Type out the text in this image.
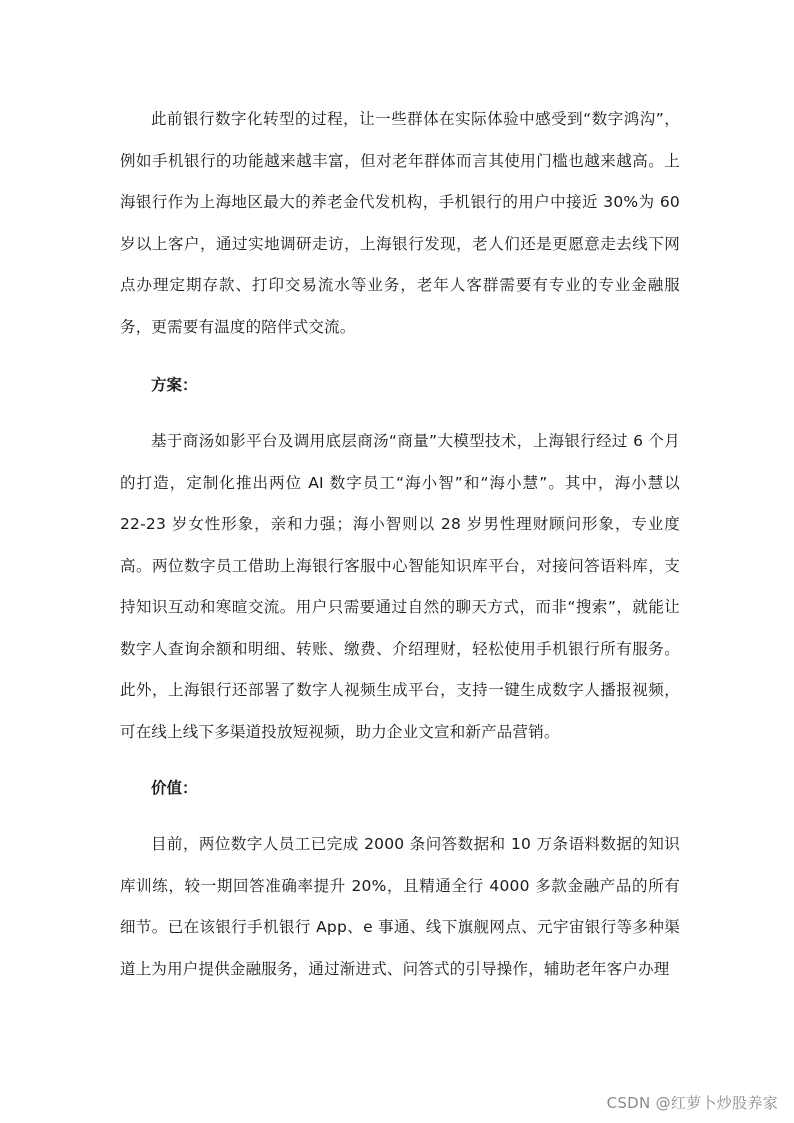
此前银行数字化转型的过程，让一些群体在实际体验中感受到“数字鸿沟”，例如手机银行的功能越来越丰富，但对老年群体而言其使用门槛也越来越高。上海银行作为上海地区最大的养老金代发机构，手机银行的用户中接近 30%为 60 岁以上客户，通过实地调研走访，上海银行发现，老人们还是更愿意走去线下网点办理定期存款、打印交易流水等业务，老年人客群需要有专业的专业金融服务，更需要有温度的陪伴式交流。

方案：

基于商汤如影平台及调用底层商汤“商量”大模型技术，上海银行经过 6 个月的打造，定制化推出两位 AI 数字员工“海小智”和“海小慧”。其中，海小慧以 22-23 岁女性形象，亲和力强；海小智则以 28 岁男性理财顾问形象，专业度高。两位数字员工借助上海银行客服中心智能知识库平台，对接问答语料库，支持知识互动和寒暄交流。用户只需要通过自然的聊天方式，而非“搜索”，就能让数字人查询余额和明细、转账、缴费、介绍理财，轻松使用手机银行所有服务。此外，上海银行还部署了数字人视频生成平台，支持一键生成数字人播报视频，可在线上线下多渠道投放短视频，助力企业文宣和新产品营销。

价值：

目前，两位数字人员工已完成 2000 条问答数据和 10 万条语料数据的知识库训练，较一期回答准确率提升 20%，且精通全行 4000 多款金融产品的所有细节。已在该银行手机银行 App、e 事通、线下旗舰网点、元宇宙银行等多种渠道上为用户提供金融服务，通过渐进式、问答式的引导操作，辅助老年客户办理

CSDN @红萝卜炒股养家
